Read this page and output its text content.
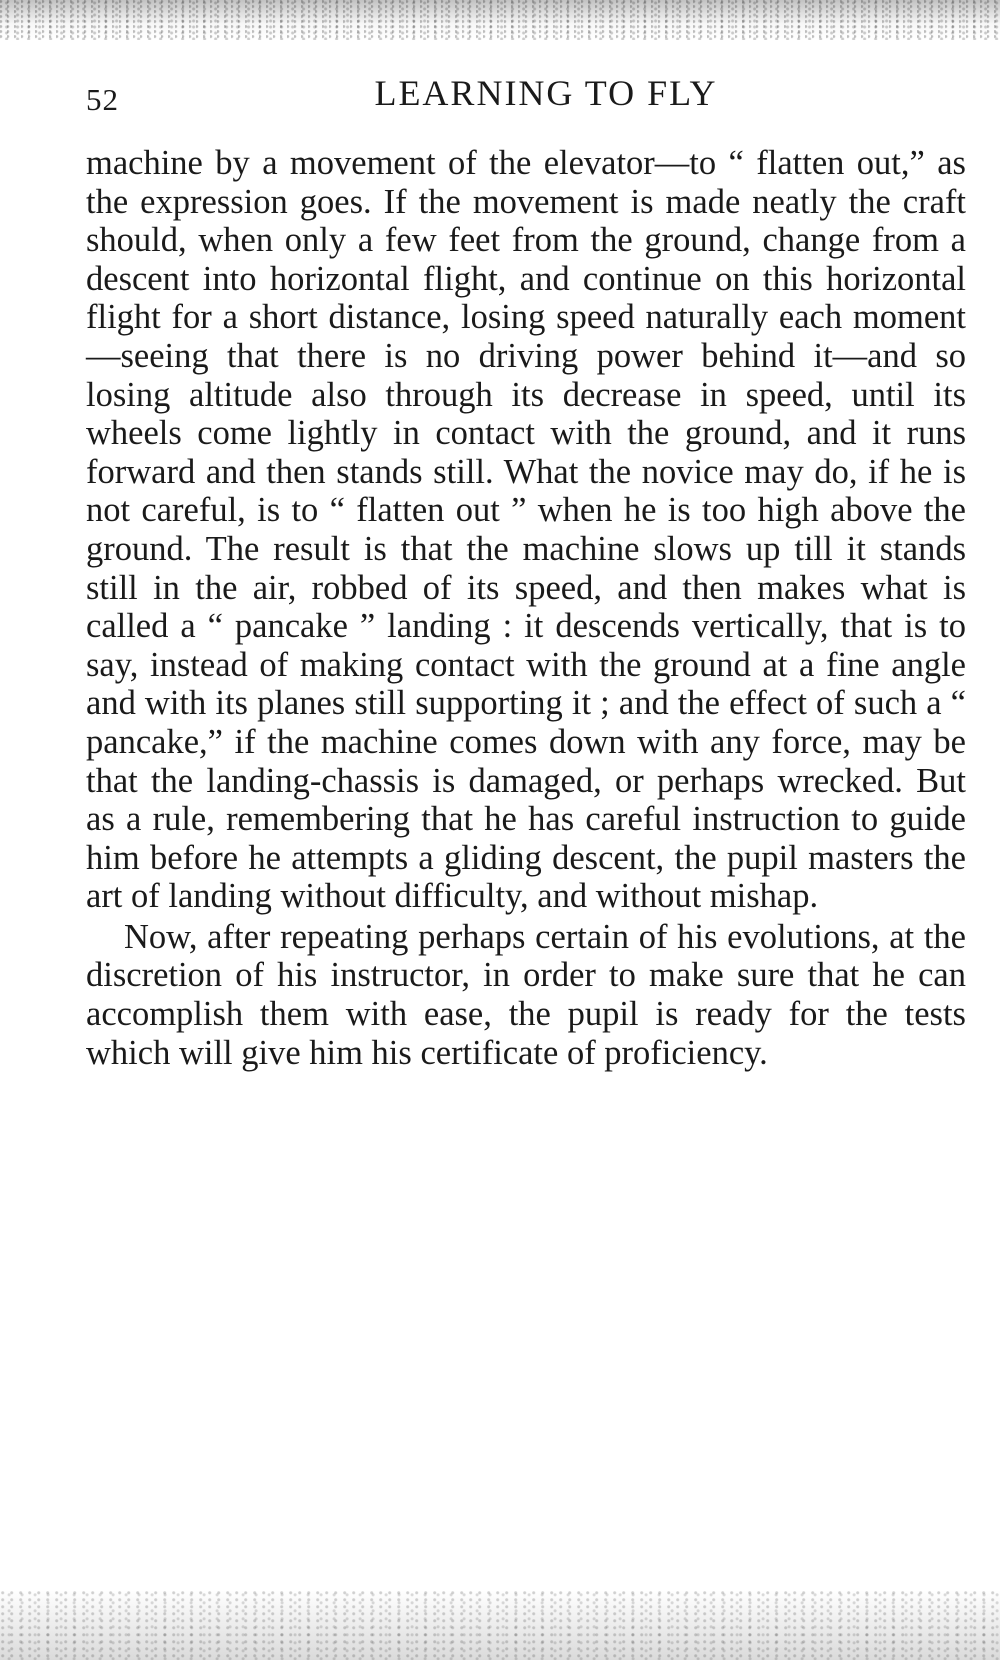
52	LEARNING TO FLY

machine by a movement of the elevator—to “ flatten out,” as the expression goes. If the movement is made neatly the craft should, when only a few feet from the ground, change from a descent into horizontal flight, and continue on this horizontal flight for a short distance, losing speed naturally each moment—seeing that there is no driving power behind it—and so losing altitude also through its decrease in speed, until its wheels come lightly in contact with the ground, and it runs forward and then stands still. What the novice may do, if he is not careful, is to “ flatten out ” when he is too high above the ground. The result is that the machine slows up till it stands still in the air, robbed of its speed, and then makes what is called a “ pancake ” landing : it descends vertically, that is to say, instead of making contact with the ground at a fine angle and with its planes still supporting it ; and the effect of such a “ pancake,” if the machine comes down with any force, may be that the landing-chassis is damaged, or perhaps wrecked. But as a rule, remembering that he has careful instruction to guide him before he attempts a gliding descent, the pupil masters the art of landing without difficulty, and without mishap.

Now, after repeating perhaps certain of his evolutions, at the discretion of his instructor, in order to make sure that he can accomplish them with ease, the pupil is ready for the tests which will give him his certificate of proficiency.
